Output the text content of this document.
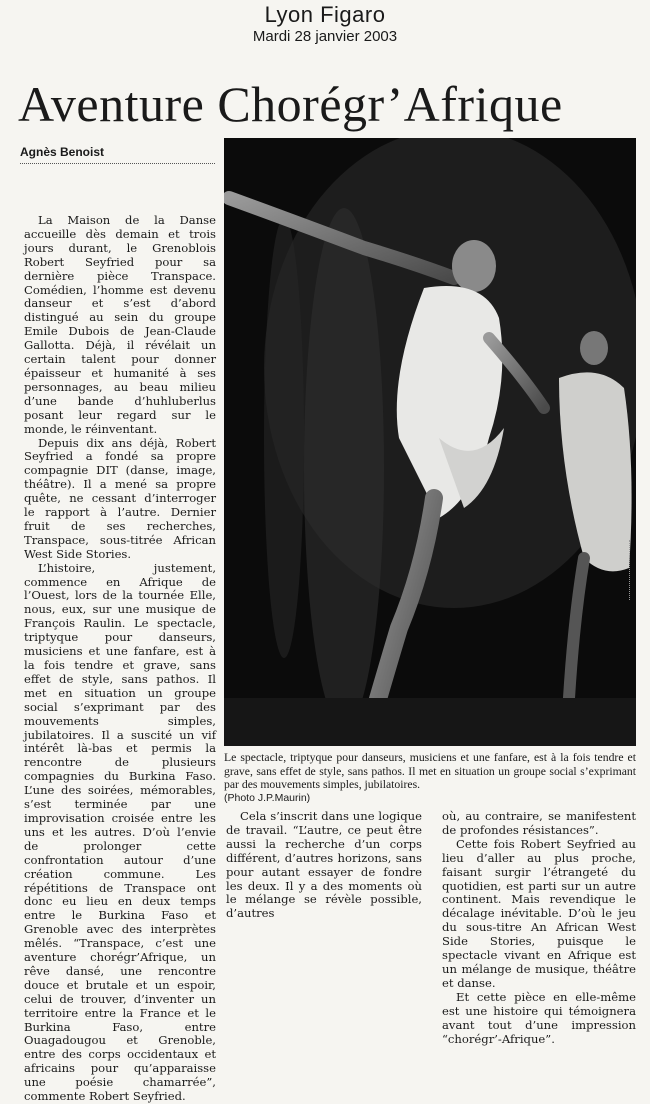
Lyon Figaro
Mardi 28 janvier 2003
Aventure Chorégr’Afrique
Agnès Benoist

La Maison de la Danse accueille dès demain et trois jours durant, le Grenoblois Robert Seyfried pour sa dernière pièce Transpace. Comédien, l’homme est devenu danseur et s’est d’abord distingué au sein du groupe Emile Dubois de Jean-Claude Gallotta. Déjà, il révélait un certain talent pour donner épaisseur et humanité à ses personnages, au beau milieu d’une bande d’huhluberlus posant leur regard sur le monde, le réinventant.

Depuis dix ans déjà, Robert Seyfried a fondé sa propre compagnie DIT (danse, image, théâtre). Il a mené sa propre quête, ne cessant d’interroger le rapport à l’autre. Dernier fruit de ses recherches, Transpace, sous-titrée African West Side Stories.

L’histoire, justement, commence en Afrique de l’Ouest, lors de la tournée Elle, nous, eux, sur une musique de François Raulin. Le spectacle, triptyque pour danseurs, musiciens et une fanfare, est à la fois tendre et grave, sans effet de style, sans pathos. Il met en situation un groupe social s’exprimant par des mouvements simples, jubilatoires. Il a suscité un vif intérêt là-bas et permis la rencontre de plusieurs compagnies du Burkina Faso. L’une des soirées, mémorables, s’est terminée par une improvisation croisée entre les uns et les autres. D’où l’envie de prolonger cette confrontation autour d’une création commune. Les répétitions de Transpace ont donc eu lieu en deux temps entre le Burkina Faso et Grenoble avec des interprètes mêlés. “Transpace, c’est une aventure chorégr’Afrique, un rêve dansé, une rencontre douce et brutale et un espoir, celui de trouver, d’inventer un territoire entre la France et le Burkina Faso, entre Ouagadougou et Grenoble, entre des corps occidentaux et africains pour qu’apparaisse une poésie chamarrée”, commente Robert Seyfried.

Le spectacle, triptyque pour danseurs, musiciens et une fanfare, est à la fois tendre et grave, sans effet de style, sans pathos. Il met en situation un groupe social s’exprimant par des mouvements simples, jubilatoires.
(Photo J.P.Maurin)

Cela s’inscrit dans une logique de travail. “L’autre, ce peut être aussi la recherche d’un corps différent, d’autres horizons, sans pour autant essayer de fondre les deux. Il y a des moments où le mélange se révèle possible, d’autres

où, au contraire, se manifestent de profondes résistances”.

Cette fois Robert Seyfried au lieu d’aller au plus proche, faisant surgir l’étrangeté du quotidien, est parti sur un autre continent. Mais revendique le décalage inévitable. D’où le jeu du sous-titre An African West Side Stories, puisque le spectacle vivant en Afrique est un mélange de musique, théâtre et danse.

Et cette pièce en elle-même est une histoire qui témoignera avant tout d’une impression “chorégr’-Afrique”.
